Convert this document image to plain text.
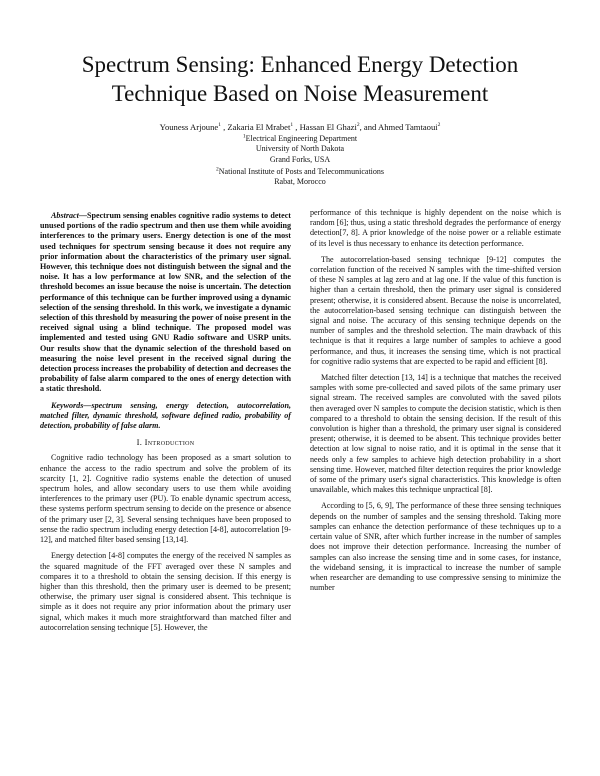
Spectrum Sensing: Enhanced Energy Detection Technique Based on Noise Measurement
Youness Arjoune$^1$ , Zakaria El Mrabet$^1$ , Hassan El Ghazi$^2$, and Ahmed Tamtaoui$^2$
$^1$Electrical Engineering Department
University of North Dakota
Grand Forks, USA
$^2$National Institute of Posts and Telecommunications
Rabat, Morocco

Abstract—Spectrum sensing enables cognitive radio systems to detect unused portions of the radio spectrum and then use them while avoiding interferences to the primary users. Energy detection is one of the most used techniques for spectrum sensing because it does not require any prior information about the characteristics of the primary user signal. However, this technique does not distinguish between the signal and the noise. It has a low performance at low SNR, and the selection of the threshold becomes an issue because the noise is uncertain. The detection performance of this technique can be further improved using a dynamic selection of the sensing threshold. In this work, we investigate a dynamic selection of this threshold by measuring the power of noise present in the received signal using a blind technique. The proposed model was implemented and tested using GNU Radio software and USRP units. Our results show that the dynamic selection of the threshold based on measuring the noise level present in the received signal during the detection process increases the probability of detection and decreases the probability of false alarm compared to the ones of energy detection with a static threshold.

Keywords—spectrum sensing, energy detection, autocorrelation, matched filter, dynamic threshold, software defined radio, probability of detection, probability of false alarm.

I. Introduction

Cognitive radio technology has been proposed as a smart solution to enhance the access to the radio spectrum and solve the problem of its scarcity [1, 2]. Cognitive radio systems enable the detection of unused spectrum holes, and allow secondary users to use them while avoiding interferences to the primary user (PU). To enable dynamic spectrum access, these systems perform spectrum sensing to decide on the presence or absence of the primary user [2, 3]. Several sensing techniques have been proposed to sense the radio spectrum including energy detection [4-8], autocorrelation [9-12], and matched filter based sensing [13,14].

Energy detection [4-8] computes the energy of the received N samples as the squared magnitude of the FFT averaged over these N samples and compares it to a threshold to obtain the sensing decision. If this energy is higher than this threshold, then the primary user is deemed to be present; otherwise, the primary user signal is considered absent. This technique is simple as it does not require any prior information about the primary user signal, which makes it much more straightforward than matched filter and autocorrelation sensing technique [5]. However, the

performance of this technique is highly dependent on the noise which is random [6]; thus, using a static threshold degrades the performance of energy detection[7, 8]. A prior knowledge of the noise power or a reliable estimate of its level is thus necessary to enhance its detection performance.

The autocorrelation-based sensing technique [9-12] computes the correlation function of the received N samples with the time-shifted version of these N samples at lag zero and at lag one. If the value of this function is higher than a certain threshold, then the primary user signal is considered present; otherwise, it is considered absent. Because the noise is uncorrelated, the autocorrelation-based sensing technique can distinguish between the signal and noise. The accuracy of this sensing technique depends on the number of samples and the threshold selection. The main drawback of this technique is that it requires a large number of samples to achieve a good performance, and thus, it increases the sensing time, which is not practical for cognitive radio systems that are expected to be rapid and efficient [8].

Matched filter detection [13, 14] is a technique that matches the received samples with some pre-collected and saved pilots of the same primary user signal stream. The received samples are convoluted with the saved pilots then averaged over N samples to compute the decision statistic, which is then compared to a threshold to obtain the sensing decision. If the result of this convolution is higher than a threshold, the primary user signal is considered present; otherwise, it is deemed to be absent. This technique provides better detection at low signal to noise ratio, and it is optimal in the sense that it needs only a few samples to achieve high detection probability in a short sensing time. However, matched filter detection requires the prior knowledge of some of the primary user's signal characteristics. This knowledge is often unavailable, which makes this technique unpractical [8].

According to [5, 6, 9], The performance of these three sensing techniques depends on the number of samples and the sensing threshold. Taking more samples can enhance the detection performance of these techniques up to a certain value of SNR, after which further increase in the number of samples does not improve their detection performance. Increasing the number of samples can also increase the sensing time and in some cases, for instance, the wideband sensing, it is impractical to increase the number of sample when researcher are demanding to use compressive sensing to minimize the number
